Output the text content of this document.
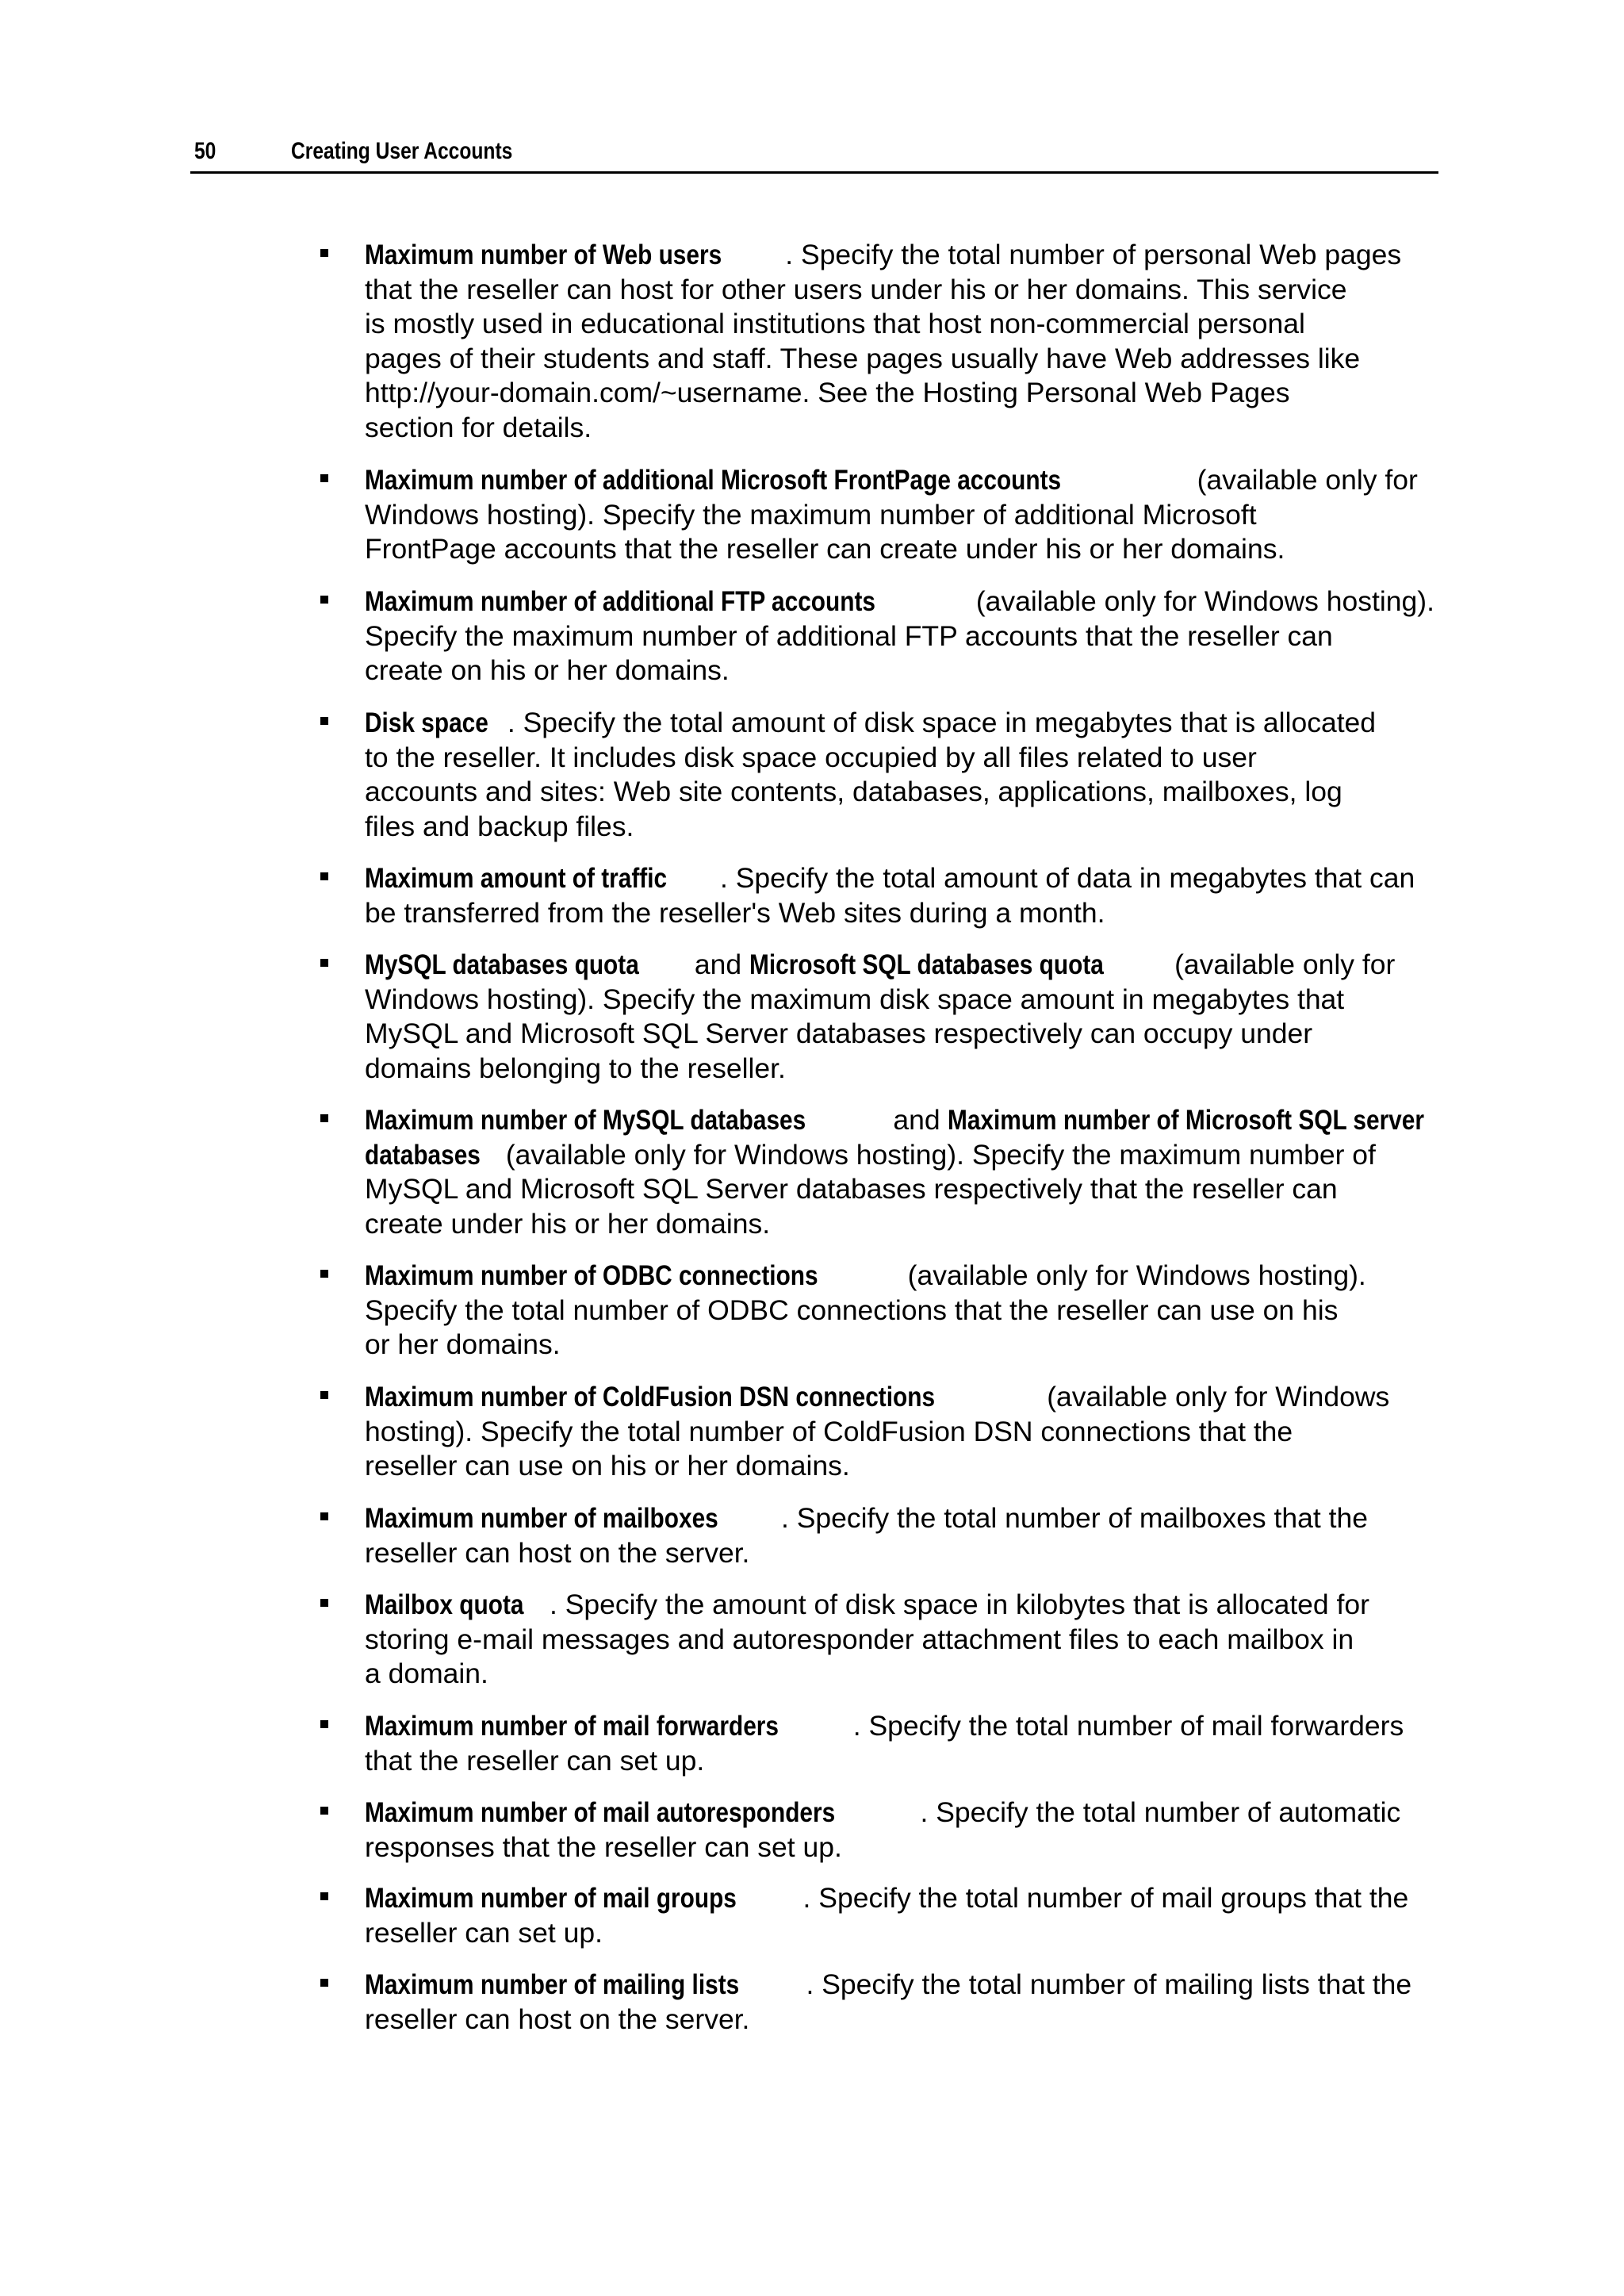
50	Creating User Accounts
Maximum number of Web users . Specify the total number of personal Web pages
that the reseller can host for other users under his or her domains. This service
is mostly used in educational institutions that host non-commercial personal
pages of their students and staff. These pages usually have Web addresses like
http://your-domain.com/~username. See the Hosting Personal Web Pages
section for details.
Maximum number of additional Microsoft FrontPage accounts	(available only for
Windows hosting). Specify the maximum number of additional Microsoft
FrontPage accounts that the reseller can create under his or her domains.
Maximum number of additional FTP accounts	(available only for Windows hosting).
Specify the maximum number of additional FTP accounts that the reseller can
create on his or her domains.
Disk space . Specify the total amount of disk space in megabytes that is allocated
to the reseller. It includes disk space occupied by all files related to user
accounts and sites: Web site contents, databases, applications, mailboxes, log
files and backup files.
Maximum amount of traffic . Specify the total amount of data in megabytes that can
be transferred from the reseller's Web sites during a month.
MySQL databases quota and Microsoft SQL databases quota (available only for
Windows hosting). Specify the maximum disk space amount in megabytes that
MySQL and Microsoft SQL Server databases respectively can occupy under
domains belonging to the reseller.
Maximum number of MySQL databases	and Maximum number of Microsoft SQL server
databases (available only for Windows hosting). Specify the maximum number of
MySQL and Microsoft SQL Server databases respectively that the reseller can
create under his or her domains.
Maximum number of ODBC connections	(available only for Windows hosting).
Specify the total number of ODBC connections that the reseller can use on his
or her domains.
Maximum number of ColdFusion DSN connections	(available only for Windows
hosting). Specify the total number of ColdFusion DSN connections that the
reseller can use on his or her domains.
Maximum number of mailboxes . Specify the total number of mailboxes that the
reseller can host on the server.
Mailbox quota . Specify the amount of disk space in kilobytes that is allocated for
storing e-mail messages and autoresponder attachment files to each mailbox in
a domain.
Maximum number of mail forwarders	. Specify the total number of mail forwarders
that the reseller can set up.
Maximum number of mail autoresponders	. Specify the total number of automatic
responses that the reseller can set up.
Maximum number of mail groups . Specify the total number of mail groups that the
reseller can set up.
Maximum number of mailing lists . Specify the total number of mailing lists that the
reseller can host on the server.
